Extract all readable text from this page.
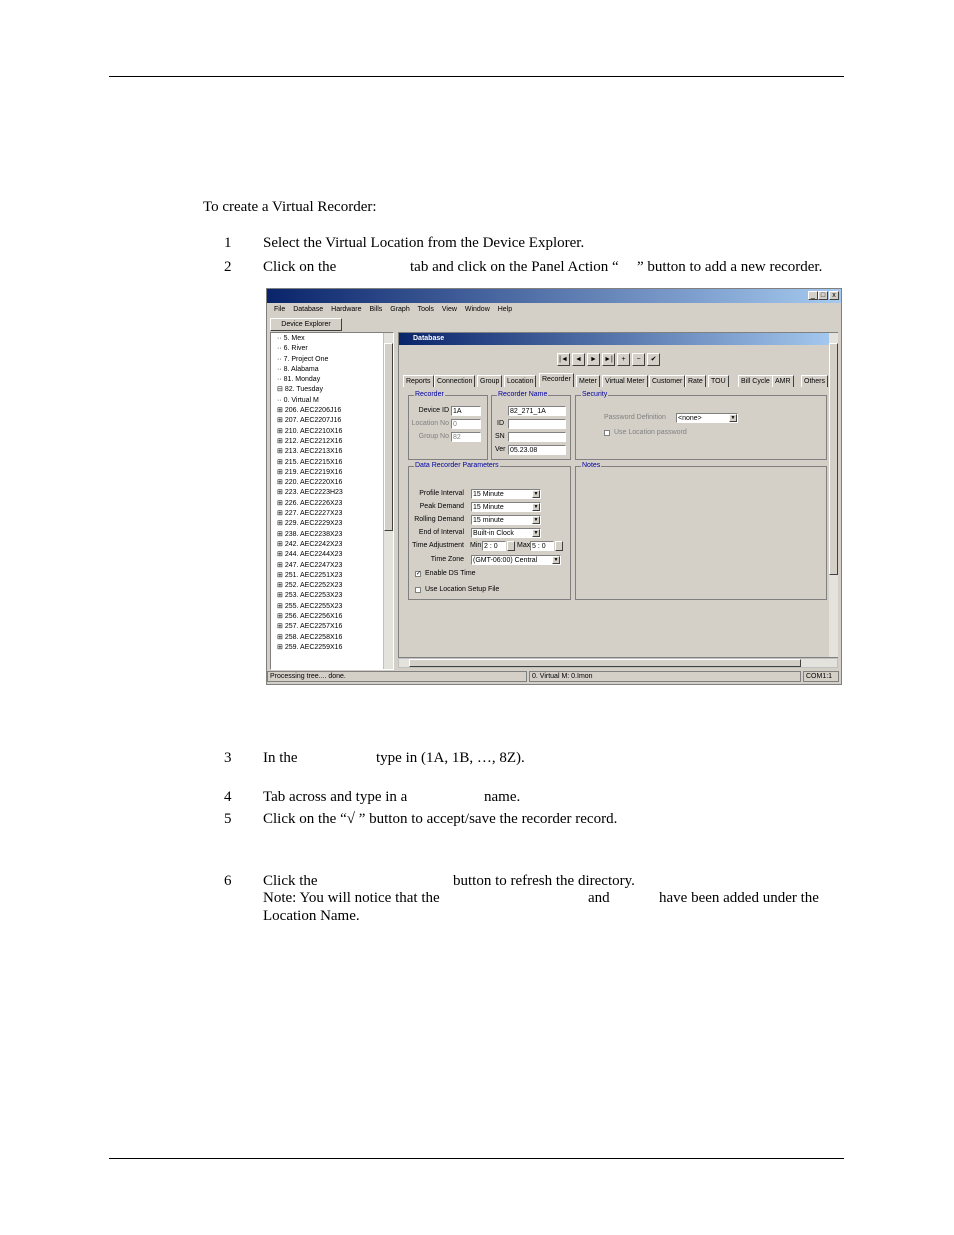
To create a Virtual Recorder:
1 Select the Virtual Location from the Device Explorer.
2 Click on the	tab and click on the Panel Action “ ” button to add a new recorder.
_ □	x
File Database Hardware Bills Graph Tools View Window Help
Device Explorer
·· 5. Mex
·· 6. River
·· 7. Project One
·· 8. Alabama
·· 81. Monday
⊟ 82. Tuesday
·· 0. Virtual M
⊞ 206. AEC2206J16
⊞ 207. AEC2207J16
⊞ 210. AEC2210X16
⊞ 212. AEC2212X16
⊞ 213. AEC2213X16
⊞ 215. AEC2215X16
⊞ 219. AEC2219X16
⊞ 220. AEC2220X16
⊞ 223. AEC2223H23
⊞ 226. AEC2226X23
⊞ 227. AEC2227X23
⊞ 229. AEC2229X23
⊞ 238. AEC2238X23
⊞ 242. AEC2242X23
⊞ 244. AEC2244X23
⊞ 247. AEC2247X23
⊞ 251. AEC2251X23
⊞ 252. AEC2252X23
⊞ 253. AEC2253X23
⊞ 255. AEC2255X23
⊞ 256. AEC2256X16
⊞ 257. AEC2257X16
⊞ 258. AEC2258X16
⊞ 259. AEC2259X16
Database
|◄	◄	►	►|	+	−	✔
Reports Connection	Group	Location	Recorder	Meter	Virtual Meter	Customer Rate	TOU	Bill Cycle AMR	Others
Recorder
Device ID 1A
Location No 0
Group No 82
Recorder Name
82_271_1A
ID
SN
Ver 05.23.08
Security
Password Definition <none>	▼
Use Location password
Data Recorder Parameters
Profile Interval 15 Minute	▼
Peak Demand 15 Minute	▼
Rolling Demand 15 minute	▼
End of Interval Built-in Clock	▼
Time Adjustment Min 2 : 0	Max 5 : 0
Time Zone (GMT-06:00) Central	▼
✓ Enable DS Time
Use Location Setup File
Notes
Processing tree.... done.	0. Virtual M: 0.Imon	COM1:1
3 In the	type in (1A, 1B, …, 8Z).
4 Tab across and type in a	name.
5 Click on the “√ ” button to accept/save the recorder record.
6 Click the	button to refresh the directory.
Note: You will notice that the	and	have been added under the
Location Name.
